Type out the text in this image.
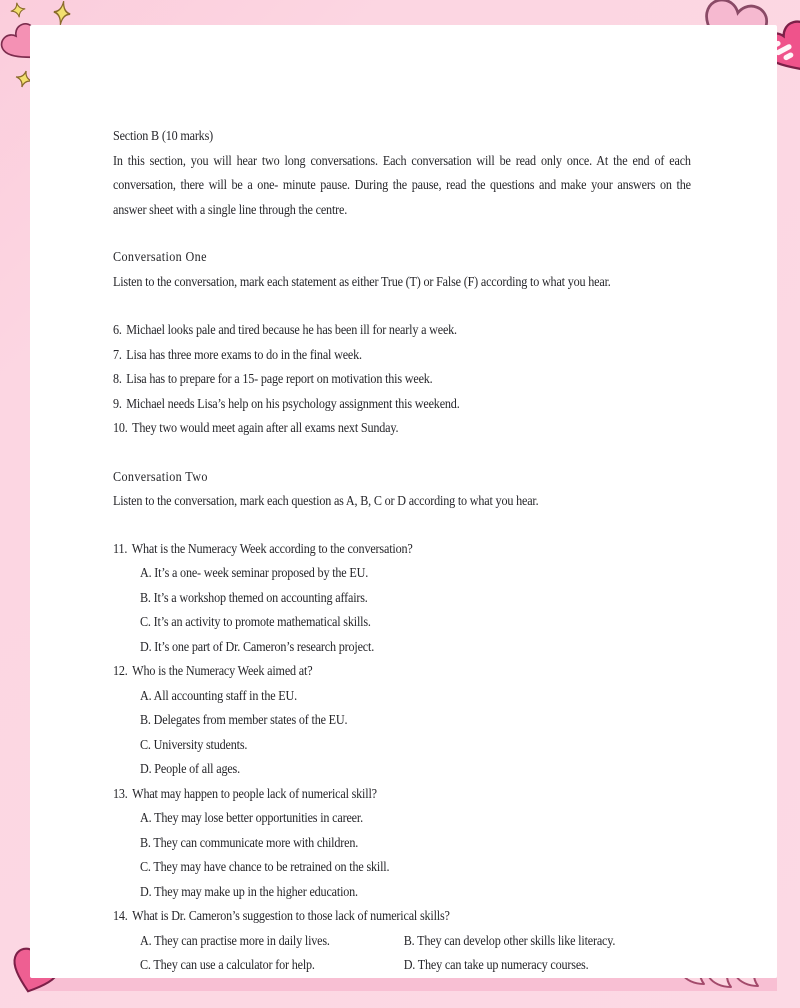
Section B (10 marks)

In this section, you will hear two long conversations. Each conversation will be read only once. At the end of each conversation, there will be a one- minute pause. During the pause, read the questions and make your answers on the answer sheet with a single line through the centre.

Conversation One
Listen to the conversation, mark each statement as either True (T) or False (F) according to what you hear.
6. Michael looks pale and tired because he has been ill for nearly a week.
7. Lisa has three more exams to do in the final week.
8. Lisa has to prepare for a 15- page report on motivation this week.
9. Michael needs Lisa’s help on his psychology assignment this weekend.
10. They two would meet again after all exams next Sunday.
Conversation Two
Listen to the conversation, mark each question as A, B, C or D according to what you hear.
11. What is the Numeracy Week according to the conversation?
A. It’s a one- week seminar proposed by the EU.
B. It’s a workshop themed on accounting affairs.
C. It’s an activity to promote mathematical skills.
D. It’s one part of Dr. Cameron’s research project.
12. Who is the Numeracy Week aimed at?
A. All accounting staff in the EU.
B. Delegates from member states of the EU.
C. University students.
D. People of all ages.
13. What may happen to people lack of numerical skill?
A. They may lose better opportunities in career.
B. They can communicate more with children.
C. They may have chance to be retrained on the skill.
D. They may make up in the higher education.
14. What is Dr. Cameron’s suggestion to those lack of numerical skills?
A. They can practise more in daily lives.	B. They can develop other skills like literacy.
C. They can use a calculator for help.	D. They can take up numeracy courses.
